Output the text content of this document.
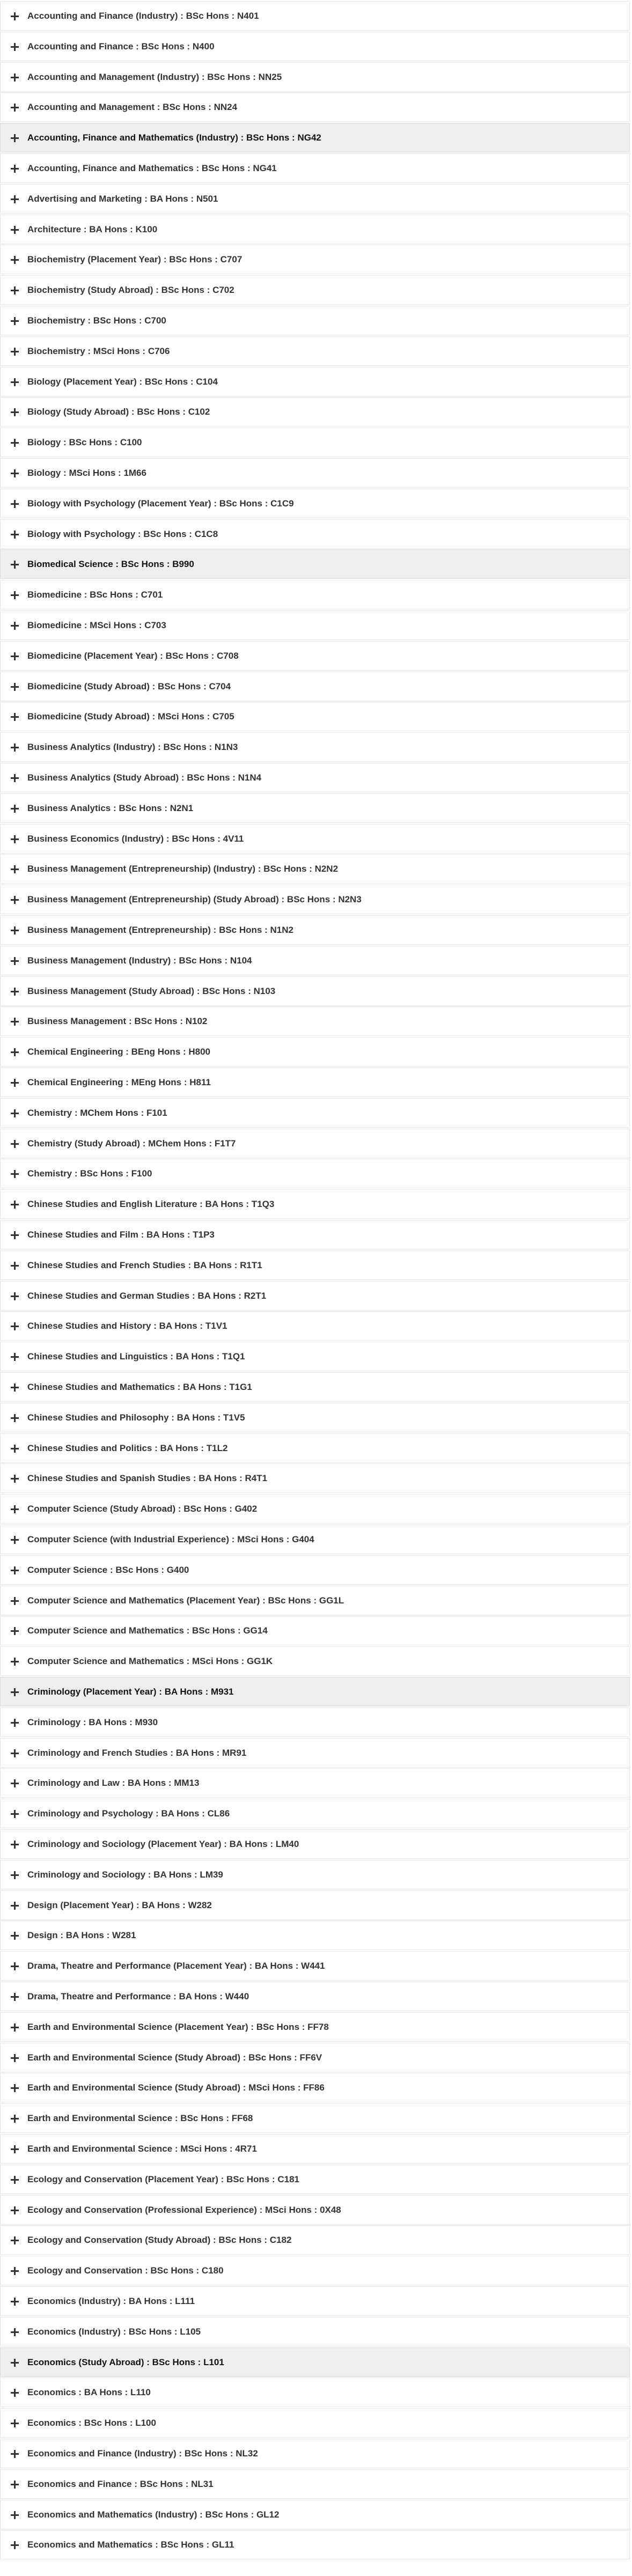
Accounting and Finance (Industry) : BSc Hons : N401
Accounting and Finance : BSc Hons : N400
Accounting and Management (Industry) : BSc Hons : NN25
Accounting and Management : BSc Hons : NN24
Accounting, Finance and Mathematics (Industry) : BSc Hons : NG42
Accounting, Finance and Mathematics : BSc Hons : NG41
Advertising and Marketing : BA Hons : N501
Architecture : BA Hons : K100
Biochemistry (Placement Year) : BSc Hons : C707
Biochemistry (Study Abroad) : BSc Hons : C702
Biochemistry : BSc Hons : C700
Biochemistry : MSci Hons : C706
Biology (Placement Year) : BSc Hons : C104
Biology (Study Abroad) : BSc Hons : C102
Biology : BSc Hons : C100
Biology : MSci Hons : 1M66
Biology with Psychology (Placement Year) : BSc Hons : C1C9
Biology with Psychology : BSc Hons : C1C8
Biomedical Science : BSc Hons : B990
Biomedicine : BSc Hons : C701
Biomedicine : MSci Hons : C703
Biomedicine (Placement Year) : BSc Hons : C708
Biomedicine (Study Abroad) : BSc Hons : C704
Biomedicine (Study Abroad) : MSci Hons : C705
Business Analytics (Industry) : BSc Hons : N1N3
Business Analytics (Study Abroad) : BSc Hons : N1N4
Business Analytics : BSc Hons : N2N1
Business Economics (Industry) : BSc Hons : 4V11
Business Management (Entrepreneurship) (Industry) : BSc Hons : N2N2
Business Management (Entrepreneurship) (Study Abroad) : BSc Hons : N2N3
Business Management (Entrepreneurship) : BSc Hons : N1N2
Business Management (Industry) : BSc Hons : N104
Business Management (Study Abroad) : BSc Hons : N103
Business Management : BSc Hons : N102
Chemical Engineering : BEng Hons : H800
Chemical Engineering : MEng Hons : H811
Chemistry : MChem Hons : F101
Chemistry (Study Abroad) : MChem Hons : F1T7
Chemistry : BSc Hons : F100
Chinese Studies and English Literature : BA Hons : T1Q3
Chinese Studies and Film : BA Hons : T1P3
Chinese Studies and French Studies : BA Hons : R1T1
Chinese Studies and German Studies : BA Hons : R2T1
Chinese Studies and History : BA Hons : T1V1
Chinese Studies and Linguistics : BA Hons : T1Q1
Chinese Studies and Mathematics : BA Hons : T1G1
Chinese Studies and Philosophy : BA Hons : T1V5
Chinese Studies and Politics : BA Hons : T1L2
Chinese Studies and Spanish Studies : BA Hons : R4T1
Computer Science (Study Abroad) : BSc Hons : G402
Computer Science (with Industrial Experience) : MSci Hons : G404
Computer Science : BSc Hons : G400
Computer Science and Mathematics (Placement Year) : BSc Hons : GG1L
Computer Science and Mathematics : BSc Hons : GG14
Computer Science and Mathematics : MSci Hons : GG1K
Criminology (Placement Year) : BA Hons : M931
Criminology : BA Hons : M930
Criminology and French Studies : BA Hons : MR91
Criminology and Law : BA Hons : MM13
Criminology and Psychology : BA Hons : CL86
Criminology and Sociology (Placement Year) : BA Hons : LM40
Criminology and Sociology : BA Hons : LM39
Design (Placement Year) : BA Hons : W282
Design : BA Hons : W281
Drama, Theatre and Performance (Placement Year) : BA Hons : W441
Drama, Theatre and Performance : BA Hons : W440
Earth and Environmental Science (Placement Year) : BSc Hons : FF78
Earth and Environmental Science (Study Abroad) : BSc Hons : FF6V
Earth and Environmental Science (Study Abroad) : MSci Hons : FF86
Earth and Environmental Science : BSc Hons : FF68
Earth and Environmental Science : MSci Hons : 4R71
Ecology and Conservation (Placement Year) : BSc Hons : C181
Ecology and Conservation (Professional Experience) : MSci Hons : 0X48
Ecology and Conservation (Study Abroad) : BSc Hons : C182
Ecology and Conservation : BSc Hons : C180
Economics (Industry) : BA Hons : L111
Economics (Industry) : BSc Hons : L105
Economics (Study Abroad) : BSc Hons : L101
Economics : BA Hons : L110
Economics : BSc Hons : L100
Economics and Finance (Industry) : BSc Hons : NL32
Economics and Finance : BSc Hons : NL31
Economics and Mathematics (Industry) : BSc Hons : GL12
Economics and Mathematics : BSc Hons : GL11
